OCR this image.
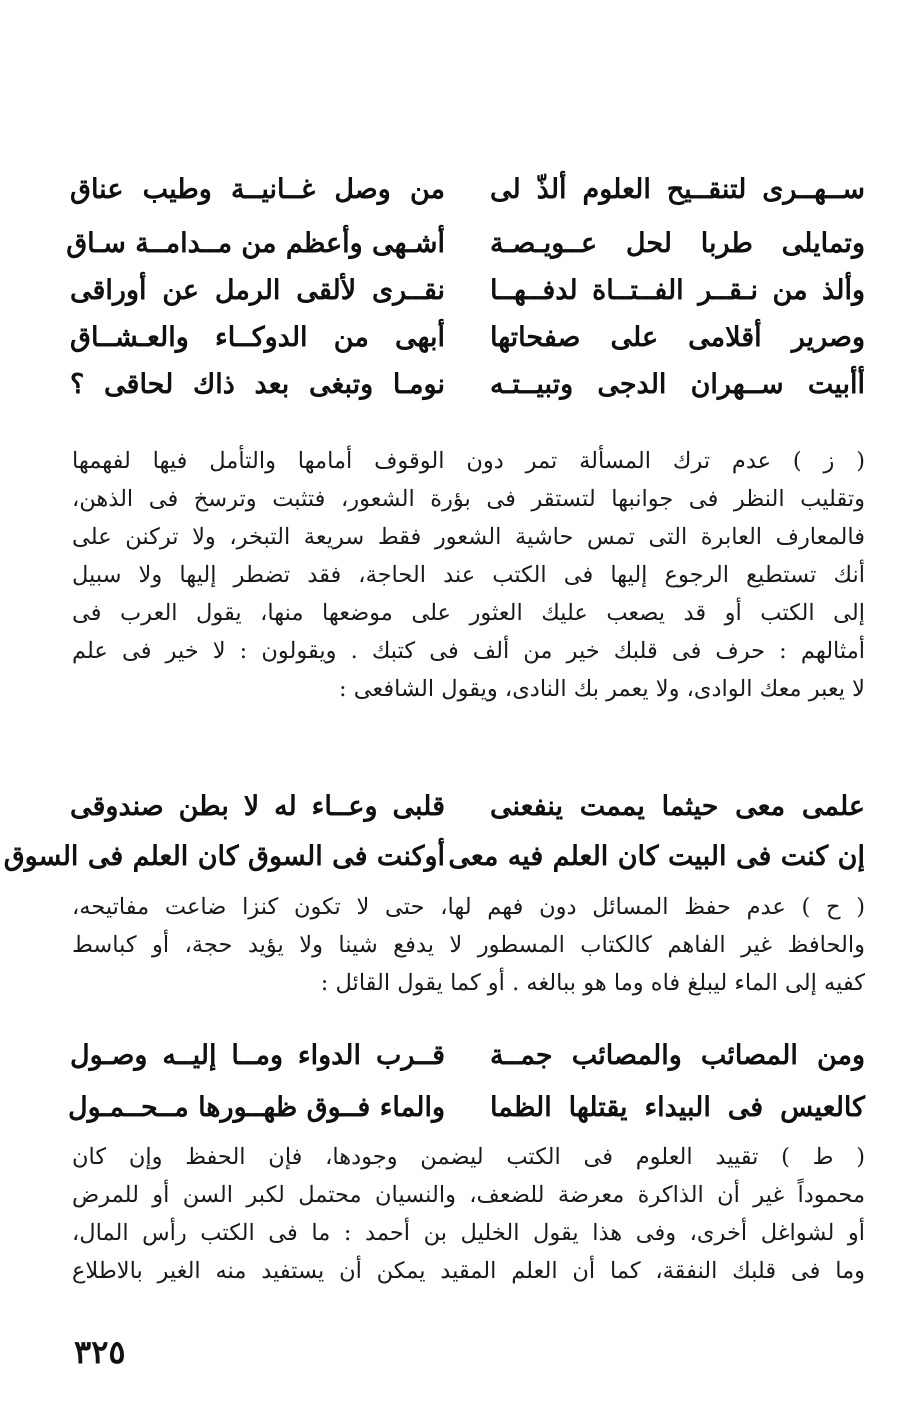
ســهــرى لتنقــيح العلوم ألذّ لى
من وصل غــانيــة وطيب عناق
وتمايلى طربا لحل عــويـصـة
أشـهى وأعظم من مــدامــة سـاق
وألذ من نـقــر الفــتــاة لدفــهــا
نقــرى لألقى الرمل عن أوراقى
وصرير أقلامى على صفحاتها
أبهى من الدوكــاء والعـشــاق
أأبيت ســهران الدجى وتبيــتـه
نومـا وتبغى بعد ذاك لحاقى ؟
( ز ) عدم ترك المسألة تمر دون الوقوف أمامها والتأمل فيها لفهمها
وتقليب النظر فى جوانبها لتستقر فى بؤرة الشعور، فتثبت وترسخ فى الذهن،
فالمعارف العابرة التى تمس حاشية الشعور فقط سريعة التبخر، ولا تركنن على
أنك تستطيع الرجوع إليها فى الكتب عند الحاجة، فقد تضطر إليها ولا سبيل
إلى الكتب أو قد يصعب عليك العثور على موضعها منها، يقول العرب فى
أمثالهم : حرف فى قلبك خير من ألف فى كتبك . ويقولون : لا خير فى علم
لا يعبر معك الوادى، ولا يعمر بك النادى، ويقول الشافعى :
علمى معى حيثما يممت ينفعنى
قلبى وعــاء له لا بطن صندوقى
إن كنت فى البيت كان العلم فيه معى
أوكنت فى السوق كان العلم فى السوق
( ح ) عدم حفظ المسائل دون فهم لها، حتى لا تكون كنزا ضاعت مفاتيحه،
والحافظ غير الفاهم كالكتاب المسطور لا يدفع شينا ولا يؤيد حجة، أو كباسط
كفيه إلى الماء ليبلغ فاه وما هو ببالغه . أو كما يقول القائل :
ومن المصائب والمصائب جمــة
قــرب الدواء ومــا إليــه وصـول
كالعيس فى البيداء يقتلها الظما
والماء فــوق ظهــورها مــحــمـول
( ط ) تقييد العلوم فى الكتب ليضمن وجودها، فإن الحفظ وإن كان
محموداً غير أن الذاكرة معرضة للضعف، والنسيان محتمل لكبر السن أو للمرض
أو لشواغل أخرى، وفى هذا يقول الخليل بن أحمد : ما فى الكتب رأس المال،
وما فى قلبك النفقة، كما أن العلم المقيد يمكن أن يستفيد منه الغير بالاطلاع
٣٢٥
